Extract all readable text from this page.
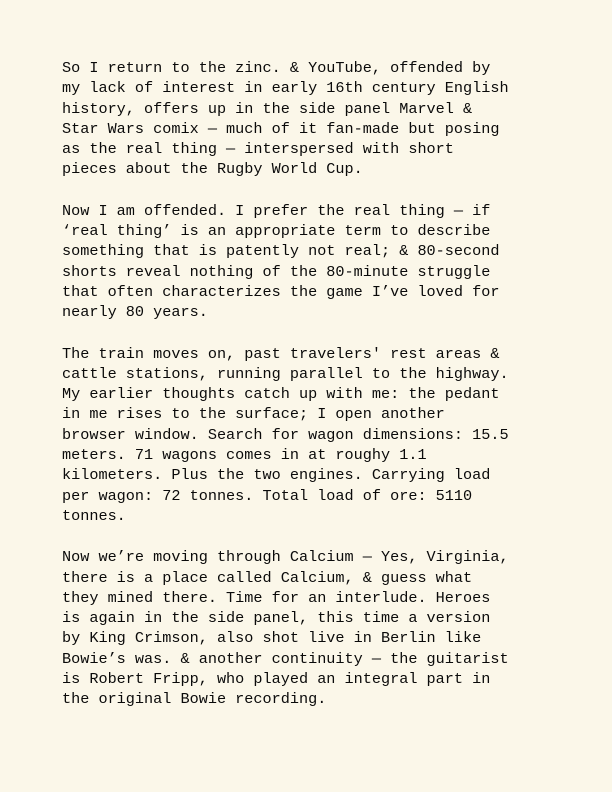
So I return to the zinc. & YouTube, offended by
my lack of interest in early 16th century English
history, offers up in the side panel Marvel &
Star Wars comix — much of it fan-made but posing
as the real thing — interspersed with short
pieces about the Rugby World Cup.

Now I am offended. I prefer the real thing — if
‘real thing’ is an appropriate term to describe
something that is patently not real; & 80-second
shorts reveal nothing of the 80-minute struggle
that often characterizes the game I’ve loved for
nearly 80 years.

The train moves on, past travelers' rest areas &
cattle stations, running parallel to the highway.
My earlier thoughts catch up with me: the pedant
in me rises to the surface; I open another
browser window. Search for wagon dimensions: 15.5
meters. 71 wagons comes in at roughy 1.1
kilometers. Plus the two engines. Carrying load
per wagon: 72 tonnes. Total load of ore: 5110
tonnes.

Now we’re moving through Calcium — Yes, Virginia,
there is a place called Calcium, & guess what
they mined there. Time for an interlude. Heroes
is again in the side panel, this time a version
by King Crimson, also shot live in Berlin like
Bowie’s was. & another continuity — the guitarist
is Robert Fripp, who played an integral part in
the original Bowie recording.
